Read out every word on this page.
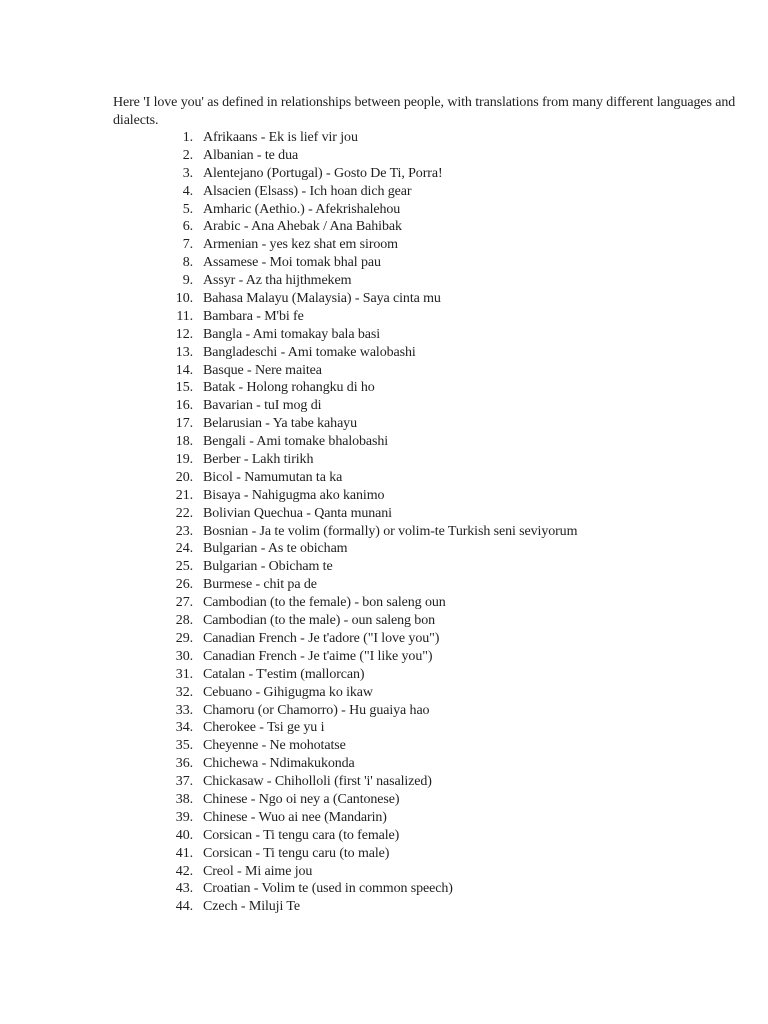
Here 'I love you' as defined in relationships between people, with translations from many different languages and dialects.

1. Afrikaans - Ek is lief vir jou
2. Albanian - te dua
3. Alentejano (Portugal) - Gosto De Ti, Porra!
4. Alsacien (Elsass) - Ich hoan dich gear
5. Amharic (Aethio.) - Afekrishalehou
6. Arabic - Ana Ahebak / Ana Bahibak
7. Armenian - yes kez shat em siroom
8. Assamese - Moi tomak bhal pau
9. Assyr - Az tha hijthmekem
10. Bahasa Malayu (Malaysia) - Saya cinta mu
11. Bambara - M'bi fe
12. Bangla - Ami tomakay bala basi
13. Bangladeschi - Ami tomake walobashi
14. Basque - Nere maitea
15. Batak - Holong rohangku di ho
16. Bavarian - tuI mog di
17. Belarusian - Ya tabe kahayu
18. Bengali - Ami tomake bhalobashi
19. Berber - Lakh tirikh
20. Bicol - Namumutan ta ka
21. Bisaya - Nahigugma ako kanimo
22. Bolivian Quechua - Qanta munani
23. Bosnian - Ja te volim (formally) or volim-te Turkish seni seviyorum
24. Bulgarian - As te obicham
25. Bulgarian - Obicham te
26. Burmese - chit pa de
27. Cambodian (to the female) - bon saleng oun
28. Cambodian (to the male) - oun saleng bon
29. Canadian French - Je t'adore ("I love you")
30. Canadian French - Je t'aime ("I like you")
31. Catalan - T'estim (mallorcan)
32. Cebuano - Gihigugma ko ikaw
33. Chamoru (or Chamorro) - Hu guaiya hao
34. Cherokee - Tsi ge yu i
35. Cheyenne - Ne mohotatse
36. Chichewa - Ndimakukonda
37. Chickasaw - Chiholloli (first 'i' nasalized)
38. Chinese - Ngo oi ney a (Cantonese)
39. Chinese - Wuo ai nee (Mandarin)
40. Corsican - Ti tengu cara (to female)
41. Corsican - Ti tengu caru (to male)
42. Creol - Mi aime jou
43. Croatian - Volim te (used in common speech)
44. Czech - Miluji Te
